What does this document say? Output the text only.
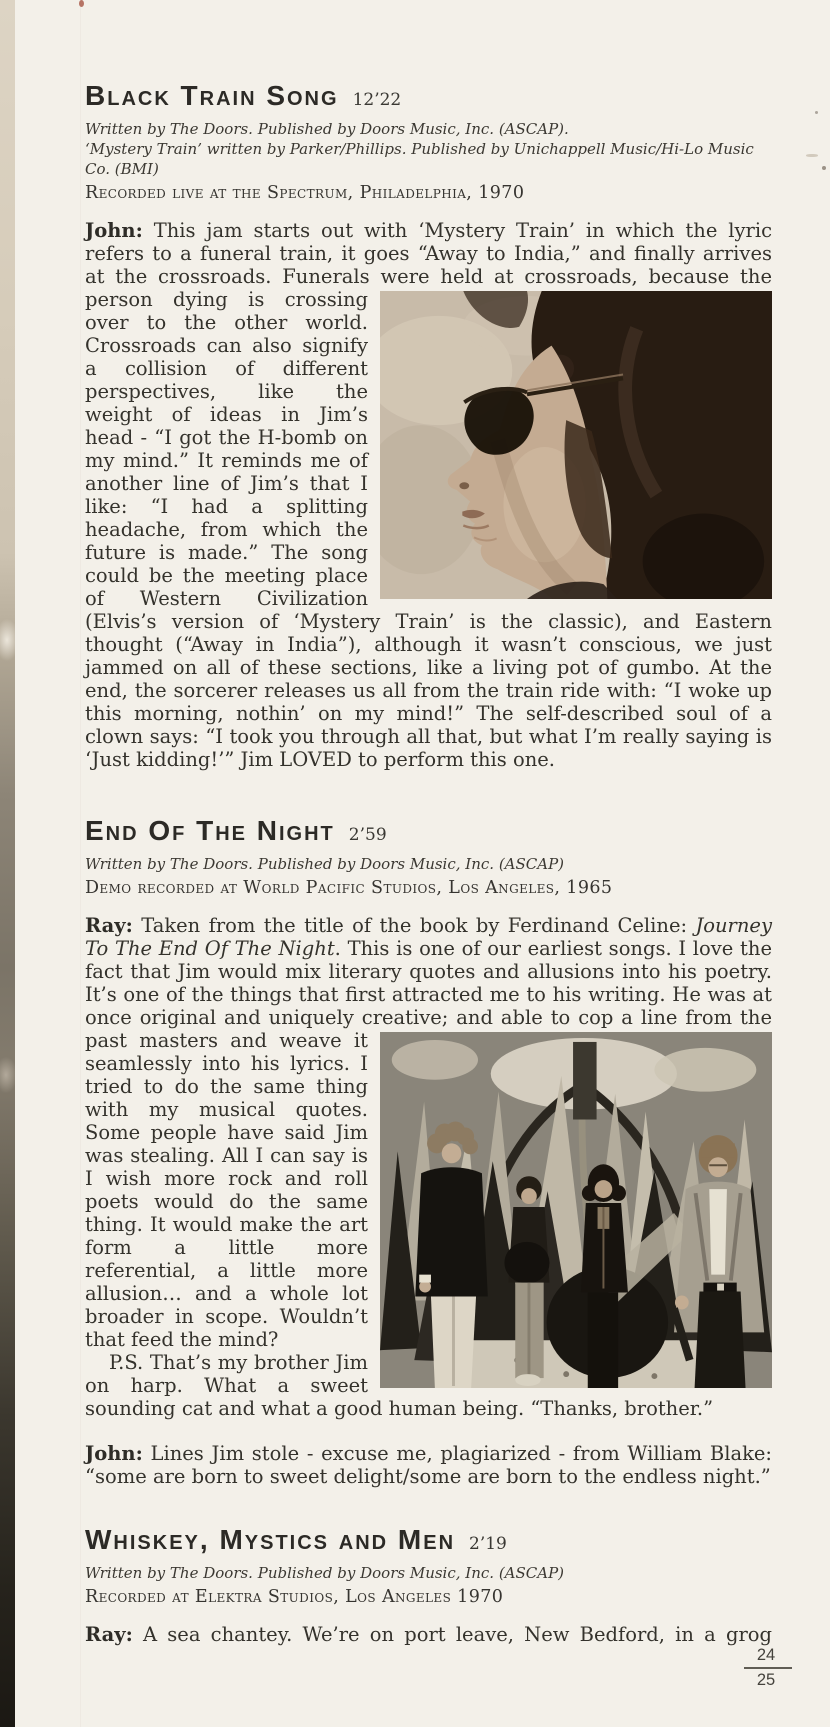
Black Train Song 12’22

Written by The Doors. Published by Doors Music, Inc. (ASCAP).

‘Mystery Train’ written by Parker/Phillips. Published by Unichappell Music/Hi-Lo Music Co. (BMI)

Recorded live at the Spectrum, Philadelphia, 1970

John: This jam starts out with ‘Mystery Train’ in which the lyric refers to a funeral train, it goes “Away to India,” and finally arrives at the crossroads. Funerals were held at crossroads, because the
person dying is crossing over to the other world. Crossroads can also signify a collision of different perspectives, like the weight of ideas in Jim’s head - “I got the H-bomb on my mind.” It reminds me of another line of Jim’s that I like: “I had a splitting headache, from which the future is made.” The song could be the meeting place of Western Civilization (Elvis’s version of ‘Mystery Train’ is the classic), and Eastern thought (“Away in India”), although it wasn’t conscious, we just jammed on all of these sections, like a living pot of gumbo. At the end, the sorcerer releases us all from the train ride with: “I woke up this morning, nothin’ on my mind!” The self-described soul of a clown says: “I took you through all that, but what I’m really saying is ‘Just kidding!’” Jim LOVED to perform this one.

End Of The Night 2’59

Written by The Doors. Published by Doors Music, Inc. (ASCAP)

Demo recorded at World Pacific Studios, Los Angeles, 1965

Ray: Taken from the title of the book by Ferdinand Celine: Journey To The End Of The Night. This is one of our earliest songs. I love the fact that Jim would mix literary quotes and allusions into his poetry. It’s one of the things that first attracted me to his writing. He was at once original and uniquely creative; and able to cop a line
from the past masters and weave it seamlessly into his lyrics. I tried to do the same thing with my musical quotes. Some people have said Jim was stealing. All I can say is I wish more rock and roll poets would do the same thing. It would make the art form a little more referential, a little more allusion… and a whole lot broader in scope. Wouldn’t that feed the mind?

P.S. That’s my brother Jim on harp. What a sweet sounding cat and what a good human being. “Thanks, brother.”

John: Lines Jim stole - excuse me, plagiarized - from William Blake: “some are born to sweet delight/some are born to the endless night.”

Whiskey, Mystics and Men 2’19

Written by The Doors. Published by Doors Music, Inc. (ASCAP)

Recorded at Elektra Studios, Los Angeles 1970

Ray: A sea chantey. We’re on port leave, New Bedford, in a grog

24
25
